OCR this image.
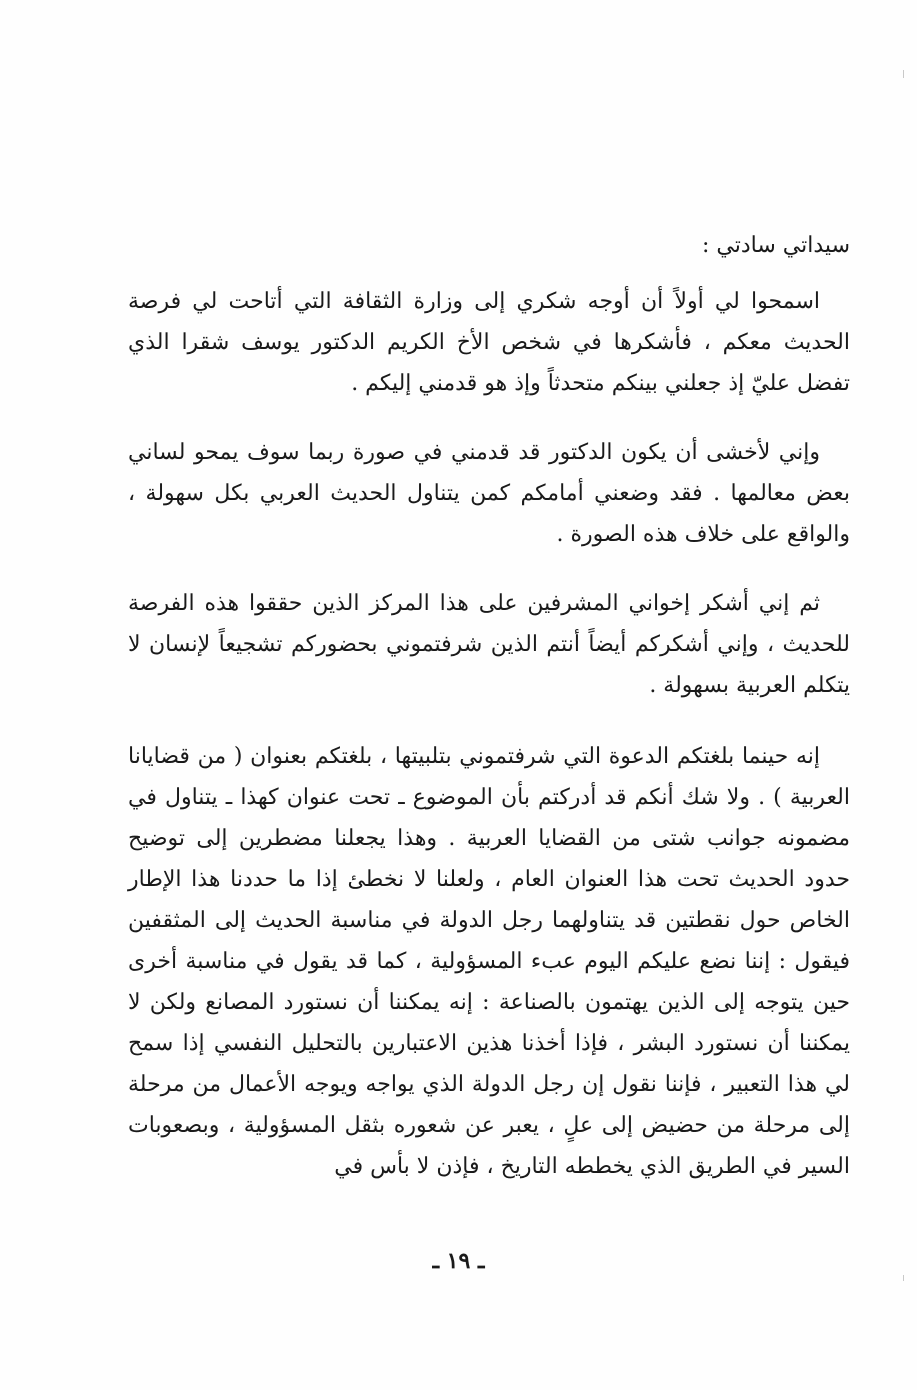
سيداتي سادتي :

اسمحوا لي أولاً أن أوجه شكري إلى وزارة الثقافة التي أتاحت لي فرصة الحديث معكم ، فأشكرها في شخص الأخ الكريم الدكتور يوسف شقرا الذي تفضل عليّ إذ جعلني بينكم متحدثاً وإذ هو قدمني إليكم .

وإني لأخشى أن يكون الدكتور قد قدمني في صورة ربما سوف يمحو لساني بعض معالمها . فقد وضعني أمامكم كمن يتناول الحديث العربي بكل سهولة ، والواقع على خلاف هذه الصورة .

ثم إني أشكر إخواني المشرفين على هذا المركز الذين حققوا هذه الفرصة للحديث ، وإني أشكركم أيضاً أنتم الذين شرفتموني بحضوركم تشجيعاً لإنسان لا يتكلم العربية بسهولة .

إنه حينما بلغتكم الدعوة التي شرفتموني بتلبيتها ، بلغتكم بعنوان ( من قضايانا العربية ) . ولا شك أنكم قد أدركتم بأن الموضوع ـ تحت عنوان كهذا ـ يتناول في مضمونه جوانب شتى من القضايا العربية . وهذا يجعلنا مضطرين إلى توضيح حدود الحديث تحت هذا العنوان العام ، ولعلنا لا نخطئ إذا ما حددنا هذا الإطار الخاص حول نقطتين قد يتناولهما رجل الدولة في مناسبة الحديث إلى المثقفين فيقول : إننا نضع عليكم اليوم عبء المسؤولية ، كما قد يقول في مناسبة أخرى حين يتوجه إلى الذين يهتمون بالصناعة : إنه يمكننا أن نستورد المصانع ولكن لا يمكننا أن نستورد البشر ، فإذا أخذنا هذين الاعتبارين بالتحليل النفسي إذا سمح لي هذا التعبير ، فإننا نقول إن رجل الدولة الذي يواجه ويوجه الأعمال من مرحلة إلى مرحلة من حضيض إلى علٍ ، يعبر عن شعوره بثقل المسؤولية ، وبصعوبات السير في الطريق الذي يخططه التاريخ ، فإذن لا بأس في

ـ ١٩ ـ
